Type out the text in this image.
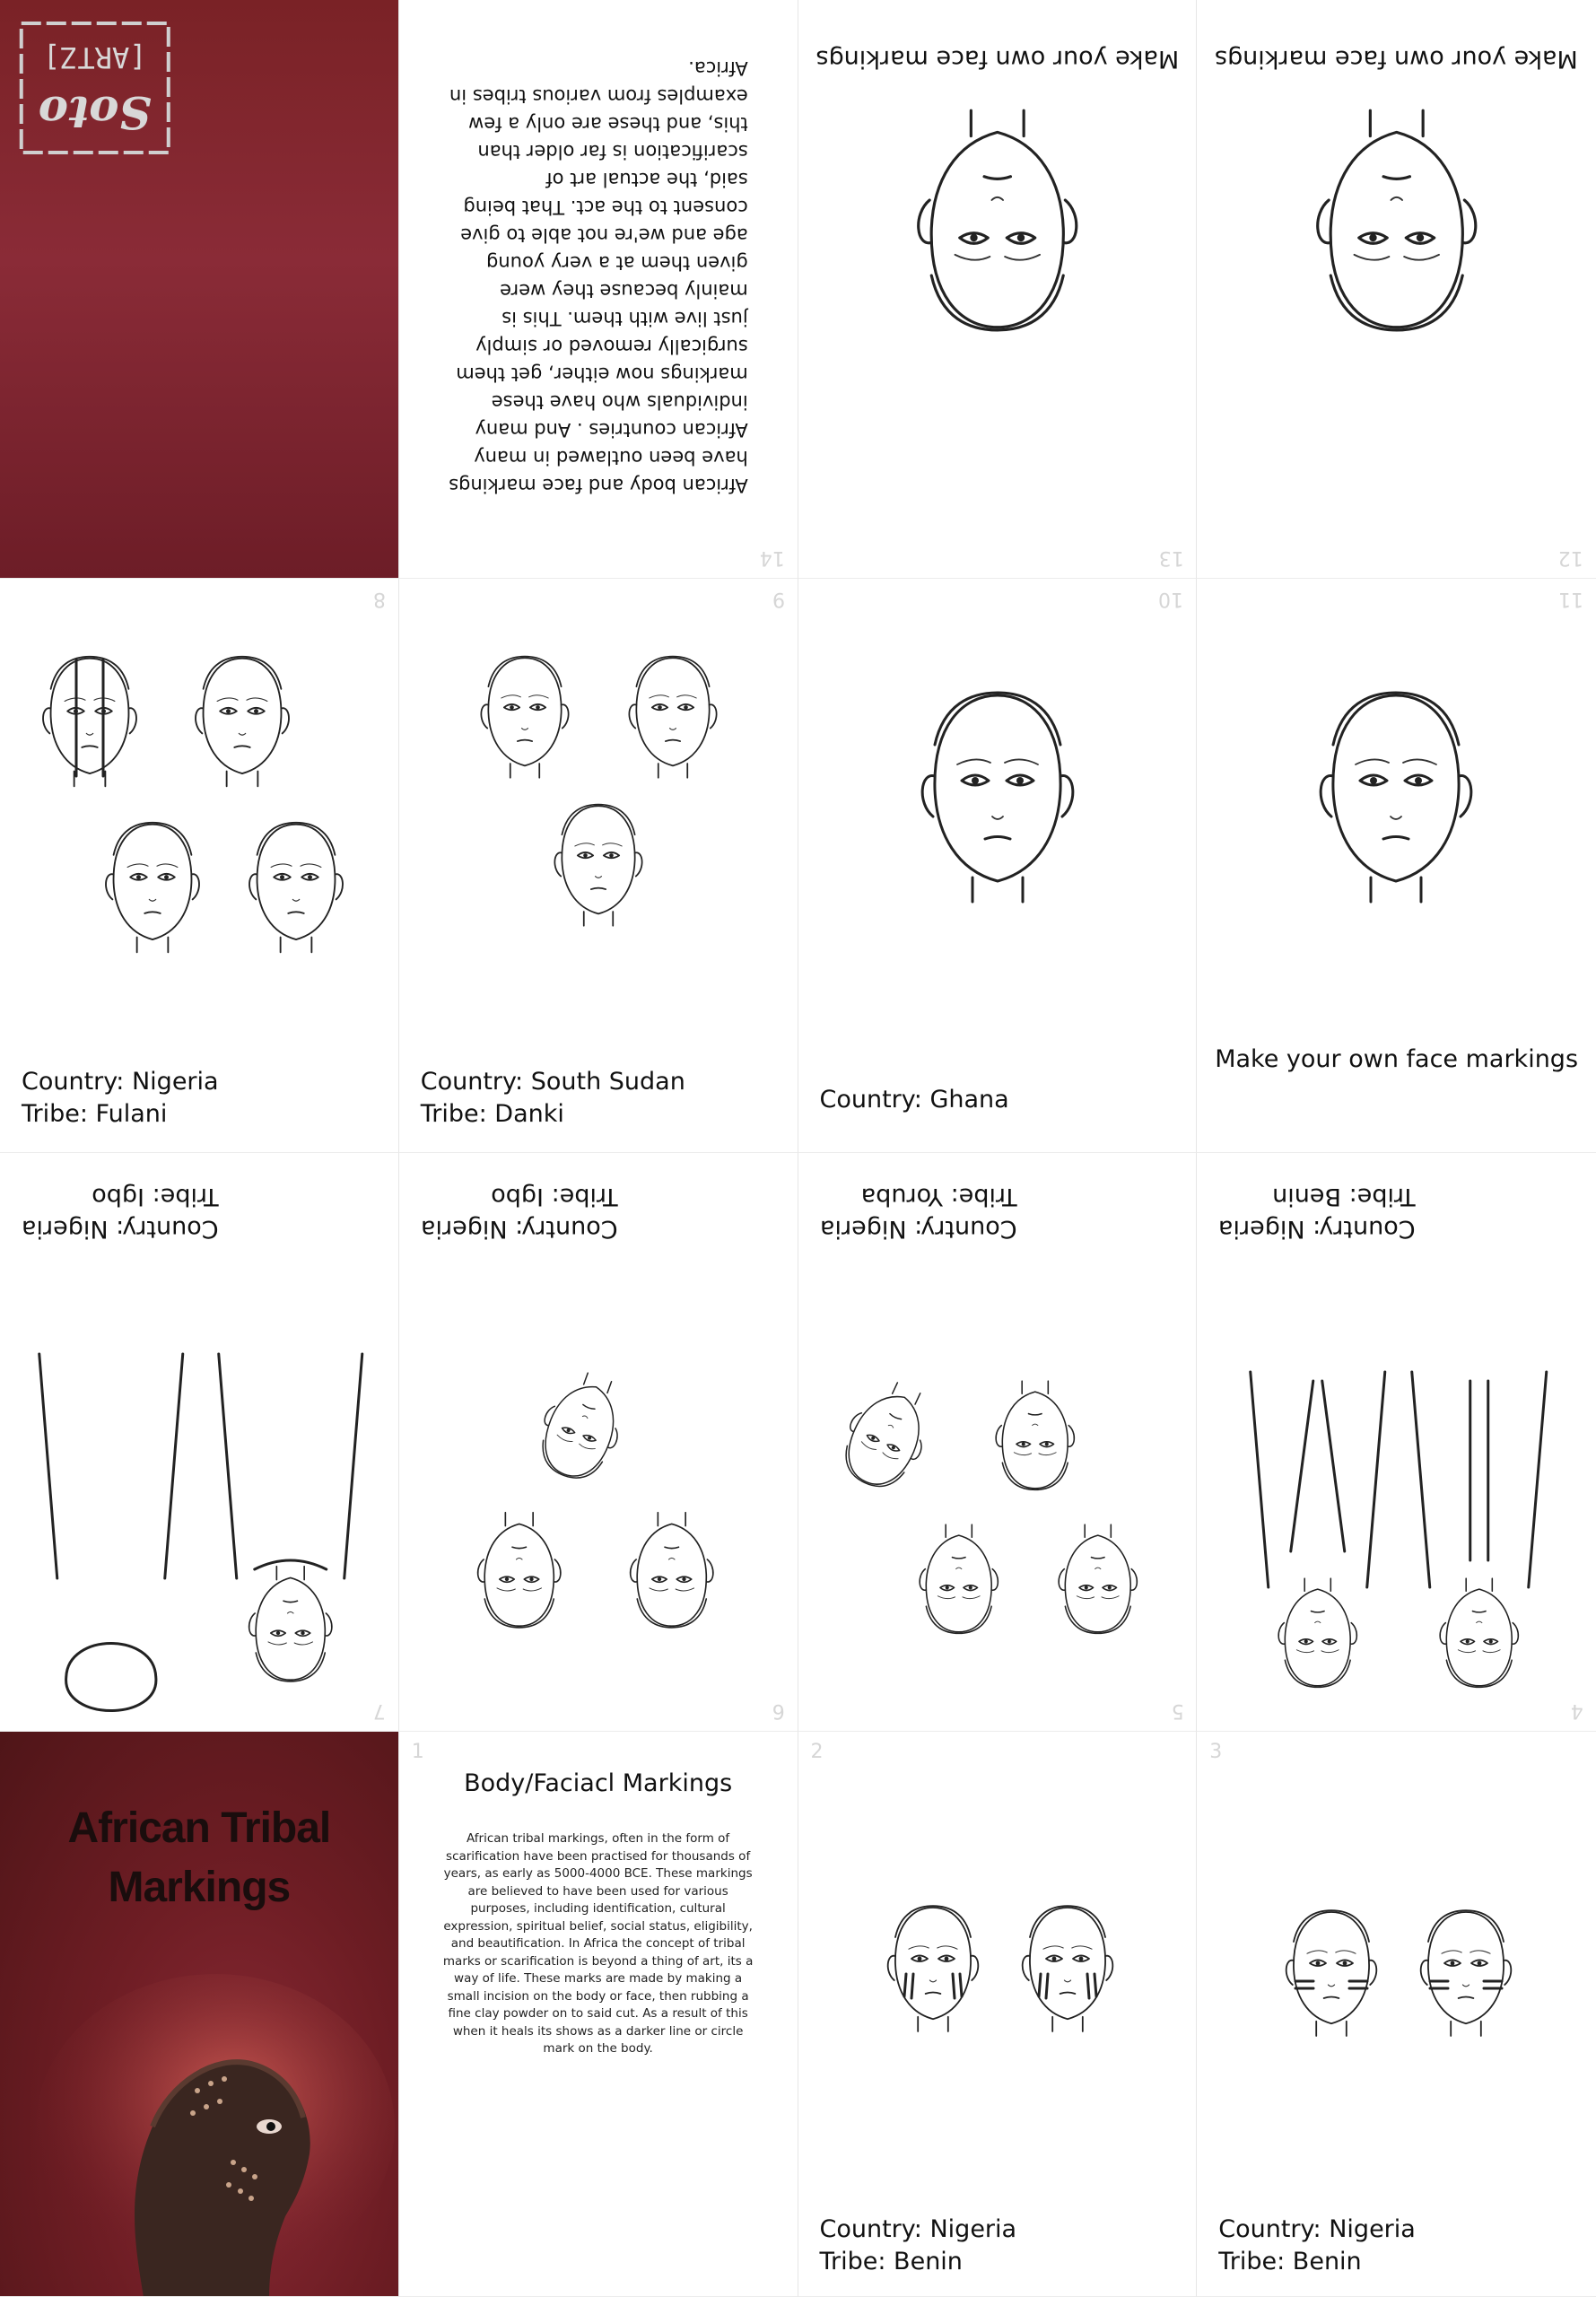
Soto
[ARTZ]
14
African body and face markings have been outlawed in many African countries . And many individuals who have these markings now either, get them surgically removed or simply just live with them. This is mainly because they were given them at a very young age and we're not able to give consent to the act. That being said, the actual art of scarification is far older than this, and these are only a few examples from various tribes in Africa.
13
Make your own face markings
12
Make your own face markings
8
Country: Nigeria
Tribe: Fulani
9
Country: South Sudan
Tribe: Danki
10
Country: Ghana
11
Make your own face markings
7
Country: Nigeria
Tribe: Igbo
6
Country: Nigeria
Tribe: Igbo
5
Country: Nigeria
Tribe: Yoruba
4
Country: Nigeria
Tribe: Benin
African Tribal
Markings
1
Body/Faciacl Markings
African tribal markings, often in the form of scarification have been practised for thousands of years, as early as 5000-4000 BCE. These markings are believed to have been used for various purposes, including identification, cultural expression, spiritual belief, social status, eligibility, and beautification. In Africa the concept of tribal marks or scarification is beyond a thing of art, its a way of life. These marks are made by making a small incision on the body or face, then rubbing a fine clay powder on to said cut. As a result of this when it heals its shows as a darker line or circle mark on the body.
2
Country: Nigeria
Tribe: Benin
3
Country: Nigeria
Tribe: Benin
